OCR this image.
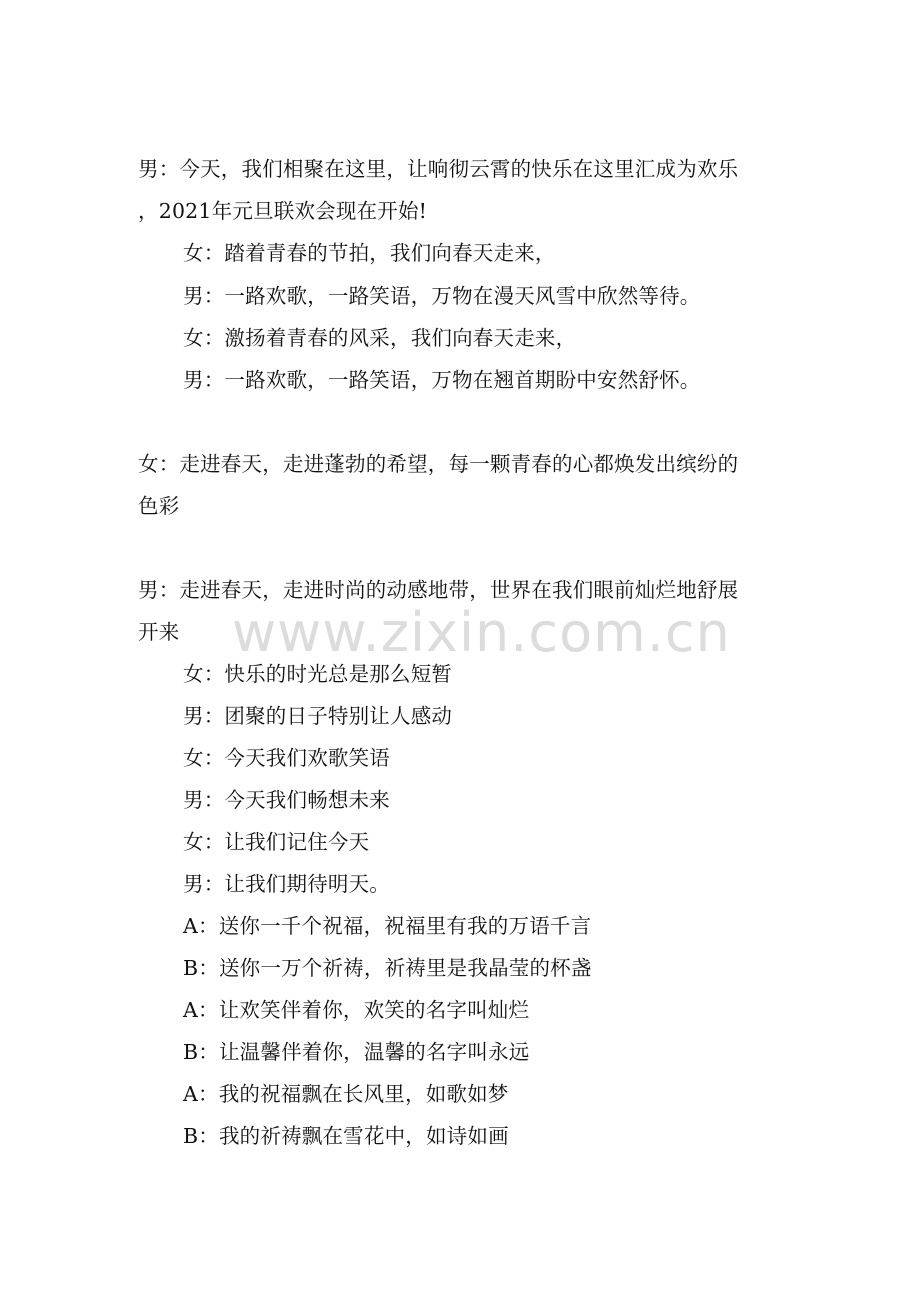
男：今天，我们相聚在这里，让响彻云霄的快乐在这里汇成为欢乐
，2021年元旦联欢会现在开始!
女：踏着青春的节拍，我们向春天走来，
男：一路欢歌，一路笑语，万物在漫天风雪中欣然等待。
女：激扬着青春的风采，我们向春天走来，
男：一路欢歌，一路笑语，万物在翘首期盼中安然舒怀。
女：走进春天，走进蓬勃的希望，每一颗青春的心都焕发出缤纷的
色彩
男：走进春天，走进时尚的动感地带，世界在我们眼前灿烂地舒展
开来
女：快乐的时光总是那么短暂
男：团聚的日子特别让人感动
女：今天我们欢歌笑语
男：今天我们畅想未来
女：让我们记住今天
男：让我们期待明天。
A：送你一千个祝福，祝福里有我的万语千言
B：送你一万个祈祷，祈祷里是我晶莹的杯盏
A：让欢笑伴着你，欢笑的名字叫灿烂
B：让温馨伴着你，温馨的名字叫永远
A：我的祝福飘在长风里，如歌如梦
B：我的祈祷飘在雪花中，如诗如画
www.zixin.com.cn
